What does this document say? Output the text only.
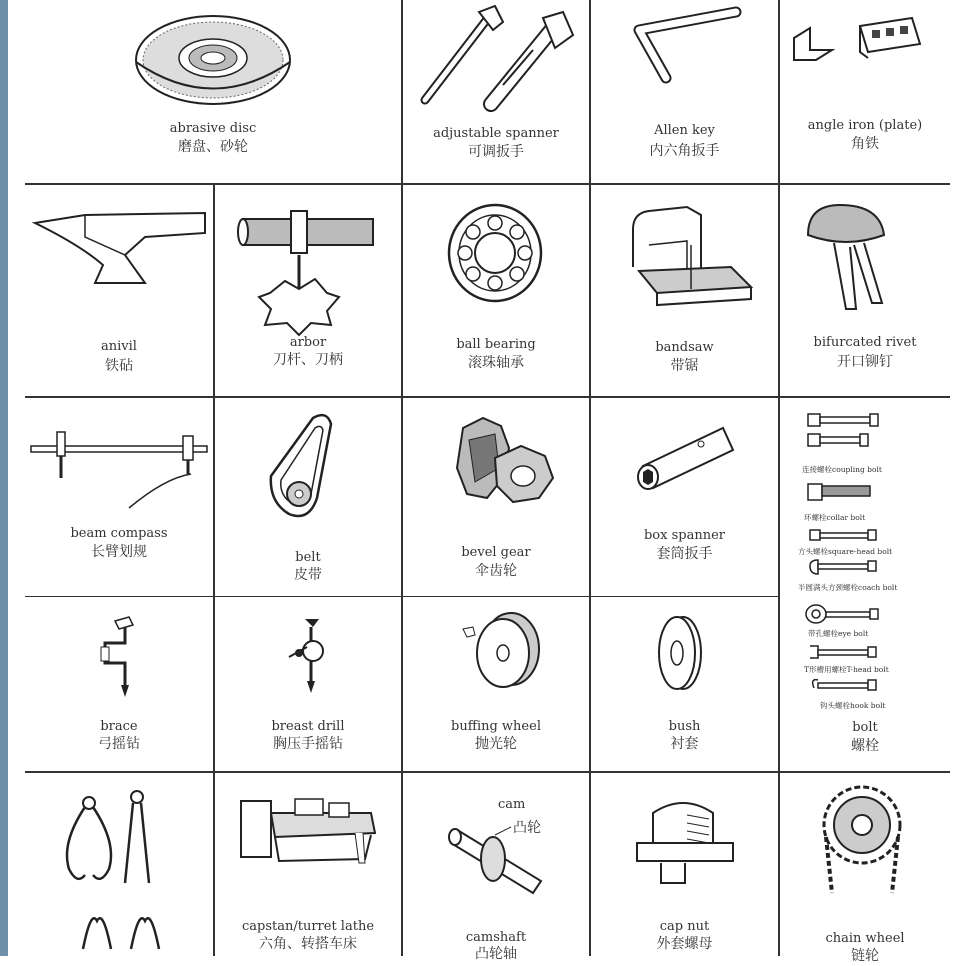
abrasive disc
磨盘、砂轮
adjustable spanner
可调扳手
Allen key
内六角扳手
angle iron (plate)
角铁
anivil
铁砧
arbor
刀杆、刀柄
ball bearing
滚珠轴承
bandsaw
带锯
bifurcated rivet
开口铆钉
beam compass
长臂划规	belt
皮带
bevel gear
伞齿轮
box spanner
套筒扳手
连接螺栓coupling bolt
环螺栓collar bolt
方头螺栓square-head bolt
半圆满头方颈螺栓coach bolt
带孔螺栓eye bolt
T形槽用螺栓T-head bolt
钩头螺栓hook bolt
bolt
螺栓
brace
弓摇钻
breast drill
胸压手摇钻
buffing wheel
抛光轮
bush
衬套
capstan/turret lathe
六角、转搭车床
cam
凸轮
camshaft
凸轮轴
cap nut
外套螺母	chain wheel
链轮
